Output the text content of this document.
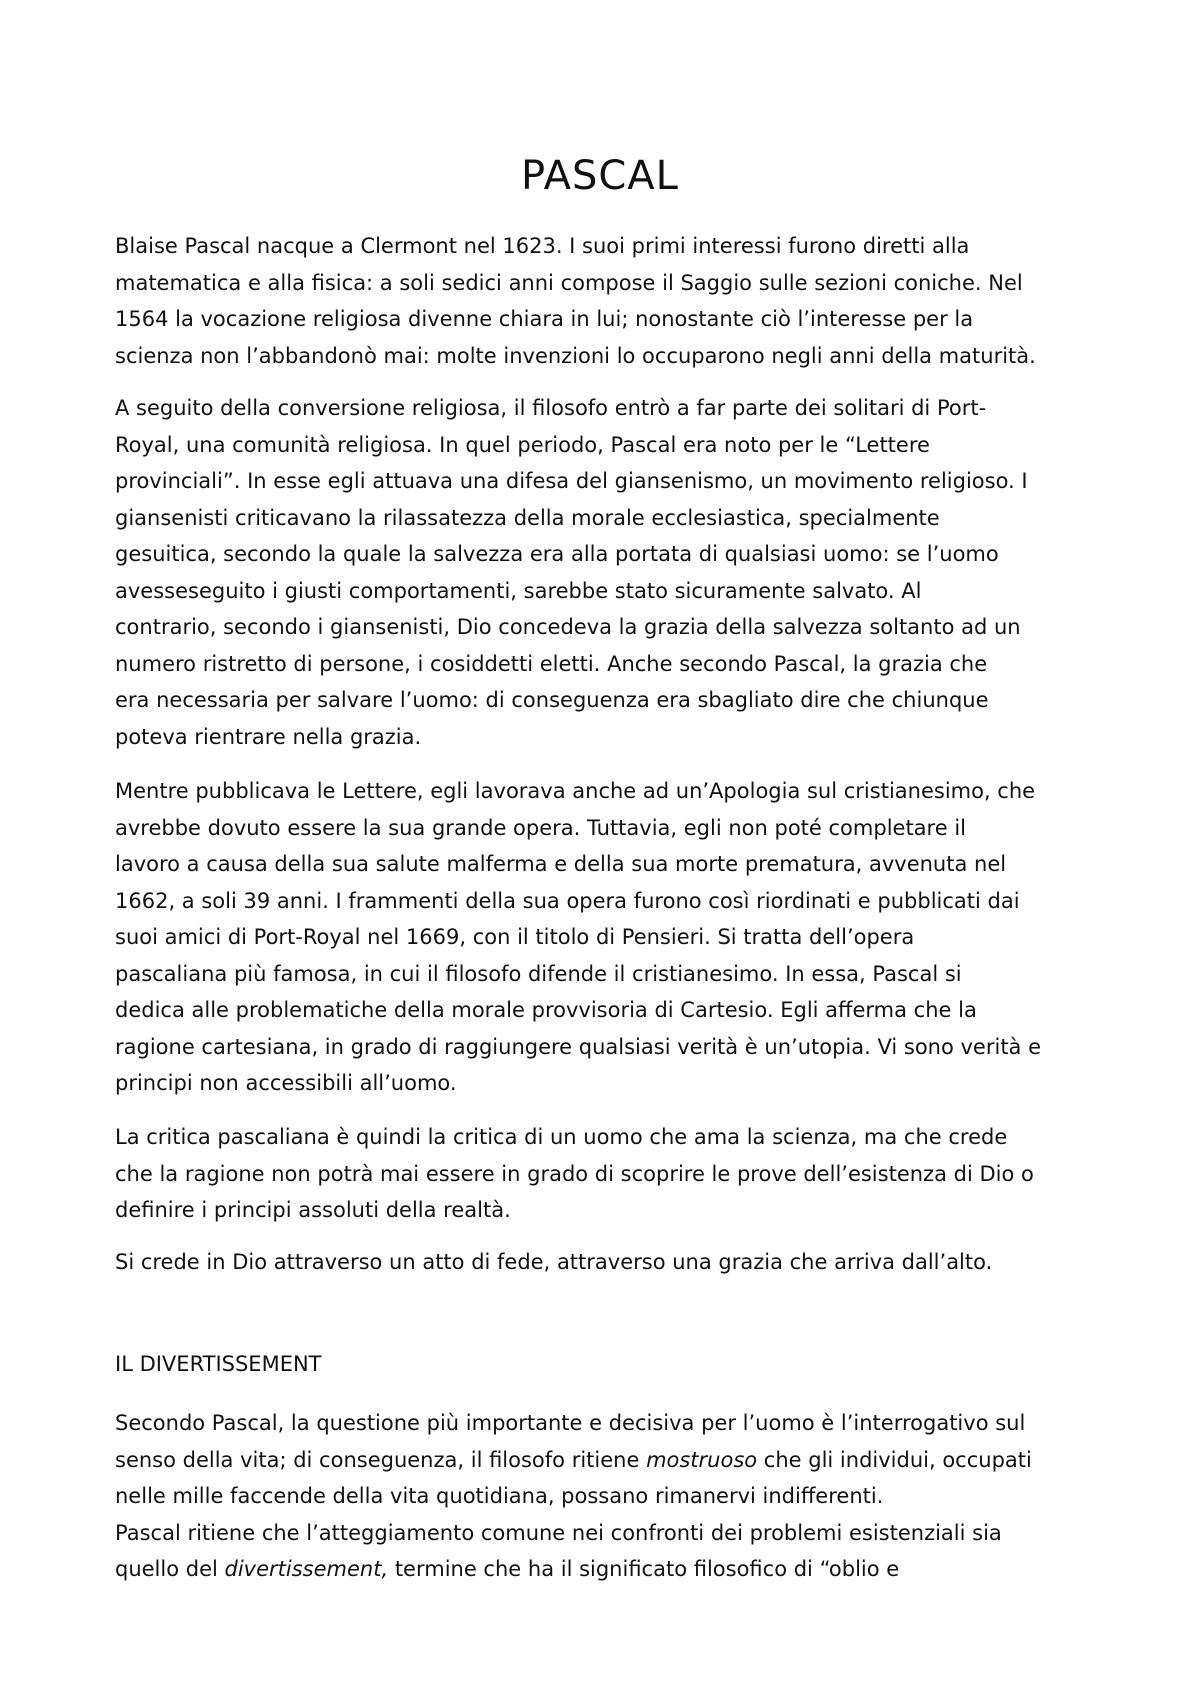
PASCAL
Blaise Pascal nacque a Clermont nel 1623. I suoi primi interessi furono diretti alla
matematica e alla fisica: a soli sedici anni compose il Saggio sulle sezioni coniche. Nel
1564 la vocazione religiosa divenne chiara in lui; nonostante ciò l’interesse per la
scienza non l’abbandonò mai: molte invenzioni lo occuparono negli anni della maturità.
A seguito della conversione religiosa, il filosofo entrò a far parte dei solitari di Port-
Royal, una comunità religiosa. In quel periodo, Pascal era noto per le “Lettere
provinciali”. In esse egli attuava una difesa del giansenismo, un movimento religioso. I
giansenisti criticavano la rilassatezza della morale ecclesiastica, specialmente
gesuitica, secondo la quale la salvezza era alla portata di qualsiasi uomo: se l’uomo
avesseseguito i giusti comportamenti, sarebbe stato sicuramente salvato. Al
contrario, secondo i giansenisti, Dio concedeva la grazia della salvezza soltanto ad un
numero ristretto di persone, i cosiddetti eletti. Anche secondo Pascal, la grazia che
era necessaria per salvare l’uomo: di conseguenza era sbagliato dire che chiunque
poteva rientrare nella grazia.
Mentre pubblicava le Lettere, egli lavorava anche ad un’Apologia sul cristianesimo, che
avrebbe dovuto essere la sua grande opera. Tuttavia, egli non poté completare il
lavoro a causa della sua salute malferma e della sua morte prematura, avvenuta nel
1662, a soli 39 anni. I frammenti della sua opera furono così riordinati e pubblicati dai
suoi amici di Port-Royal nel 1669, con il titolo di Pensieri. Si tratta dell’opera
pascaliana più famosa, in cui il filosofo difende il cristianesimo. In essa, Pascal si
dedica alle problematiche della morale provvisoria di Cartesio. Egli afferma che la
ragione cartesiana, in grado di raggiungere qualsiasi verità è un’utopia. Vi sono verità e
principi non accessibili all’uomo.
La critica pascaliana è quindi la critica di un uomo che ama la scienza, ma che crede
che la ragione non potrà mai essere in grado di scoprire le prove dell’esistenza di Dio o
definire i principi assoluti della realtà.
Si crede in Dio attraverso un atto di fede, attraverso una grazia che arriva dall’alto.
IL DIVERTISSEMENT
Secondo Pascal, la questione più importante e decisiva per l’uomo è l’interrogativo sul
senso della vita; di conseguenza, il filosofo ritiene mostruoso che gli individui, occupati
nelle mille faccende della vita quotidiana, possano rimanervi indifferenti.
Pascal ritiene che l’atteggiamento comune nei confronti dei problemi esistenziali sia
quello del divertissement, termine che ha il significato filosofico di “oblio e
